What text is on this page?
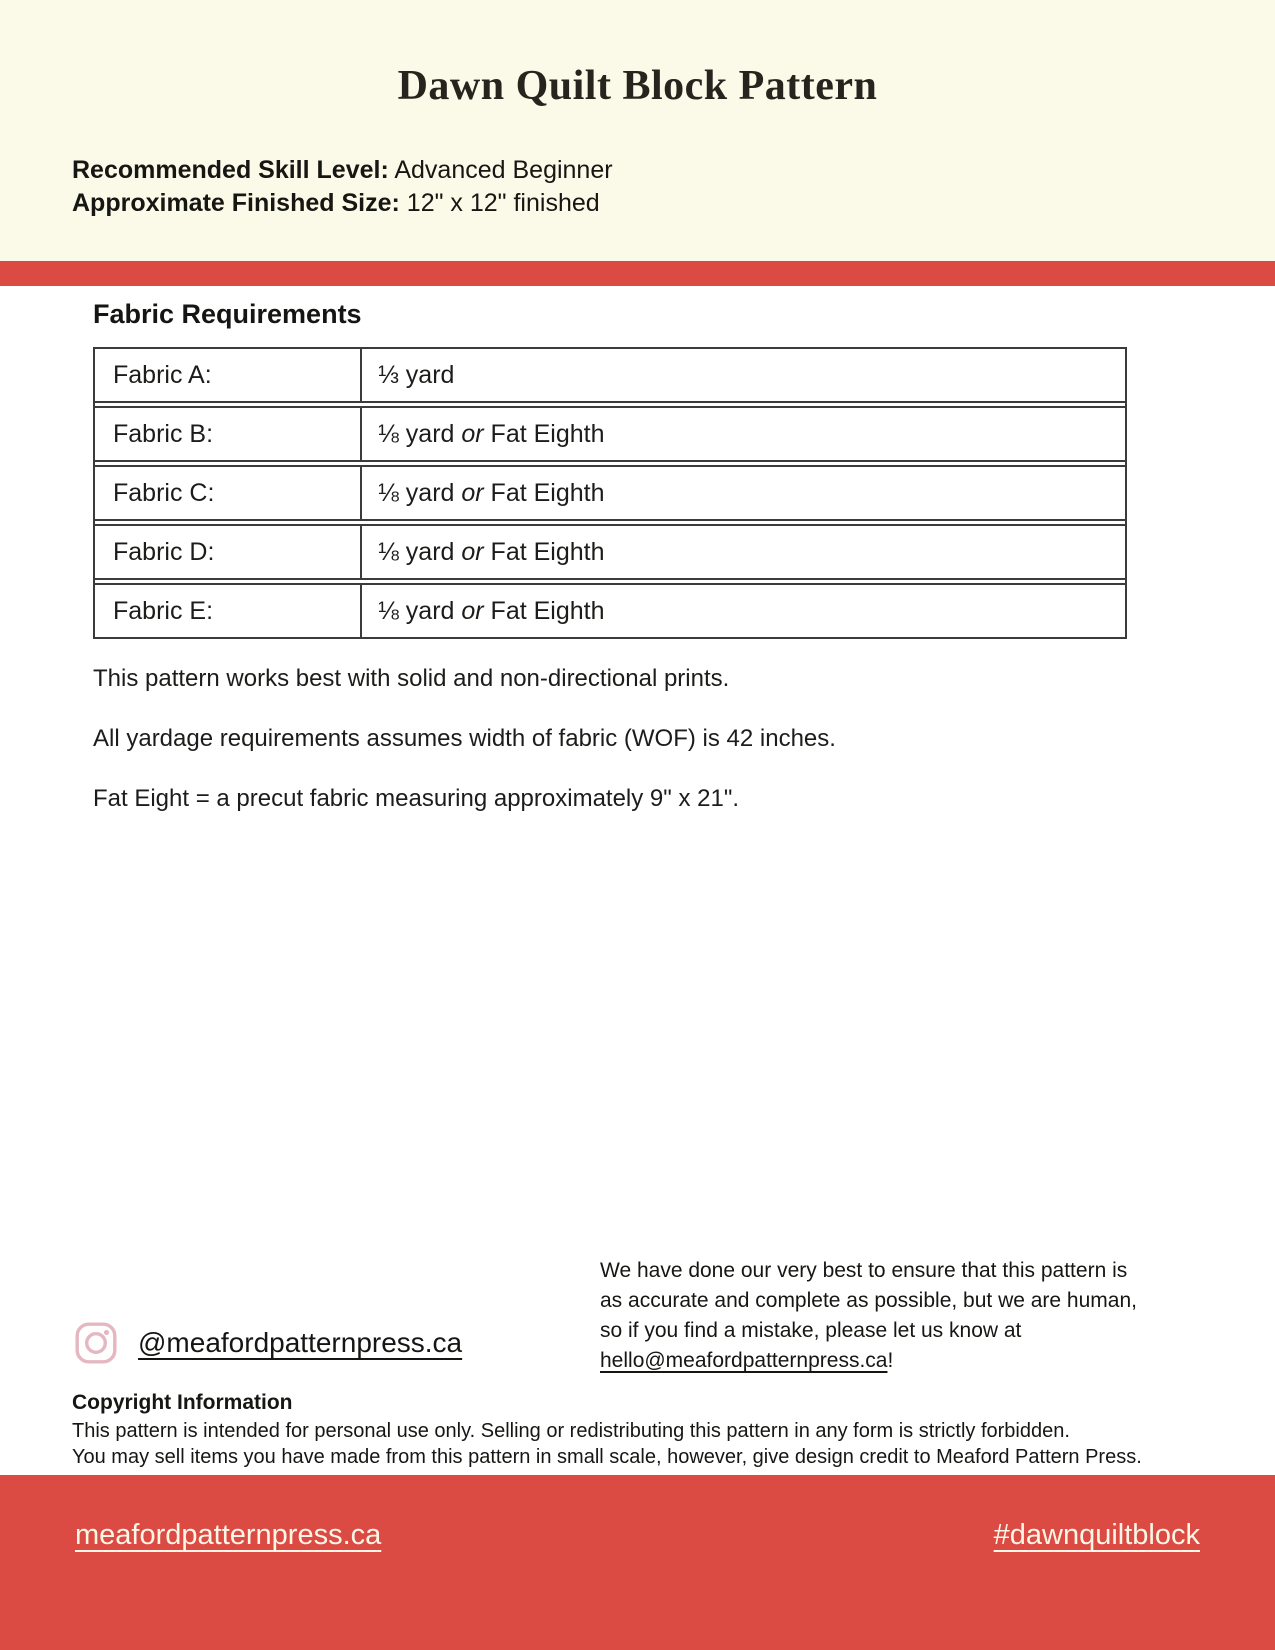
Dawn Quilt Block Pattern
Recommended Skill Level: Advanced Beginner
Approximate Finished Size: 12" x 12" finished
Fabric Requirements
Fabric A:	⅓ yard
Fabric B:	⅛ yard or Fat Eighth
Fabric C:	⅛ yard or Fat Eighth
Fabric D:	⅛ yard or Fat Eighth
Fabric E:	⅛ yard or Fat Eighth

This pattern works best with solid and non-directional prints.

All yardage requirements assumes width of fabric (WOF) is 42 inches.

Fat Eight = a precut fabric measuring approximately 9" x 21".

We have done our very best to ensure that this pattern is
as accurate and complete as possible, but we are human,
so if you find a mistake, please let us know at
hello@meafordpatternpress.ca!
@meafordpatternpress.ca
Copyright Information
This pattern is intended for personal use only. Selling or redistributing this pattern in any form is strictly forbidden.
You may sell items you have made from this pattern in small scale, however, give design credit to Meaford Pattern Press.
meafordpatternpress.ca	#dawnquiltblock
